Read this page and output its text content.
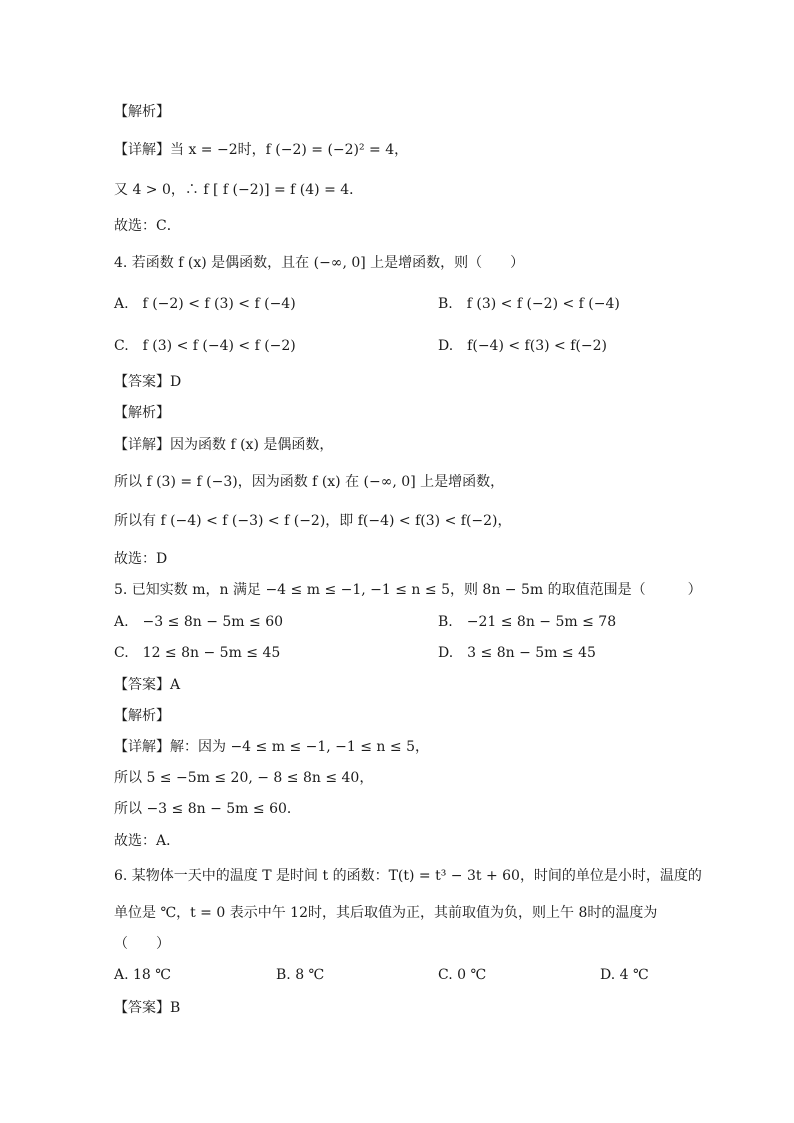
【解析】
【详解】当 x = −2时，f (−2) = (−2)² = 4，
又 4 > 0，∴ f [ f (−2)] = f (4) = 4．
故选：C．
4. 若函数 f (x) 是偶函数，且在 (−∞, 0] 上是增函数，则（　　）
A.　f (−2) < f (3) < f (−4)	B.　f (3) < f (−2) < f (−4)
C.　f (3) < f (−4) < f (−2)	D.　f(−4) < f(3) < f(−2)
【答案】D
【解析】
【详解】因为函数 f (x) 是偶函数，
所以 f (3) = f (−3)，因为函数 f (x) 在 (−∞, 0] 上是增函数，
所以有 f (−4) < f (−3) < f (−2)，即 f(−4) < f(3) < f(−2)，
故选：D
5. 已知实数 m，n 满足 −4 ≤ m ≤ −1, −1 ≤ n ≤ 5，则 8n − 5m 的取值范围是（　　　）
A.　−3 ≤ 8n − 5m ≤ 60	B.　−21 ≤ 8n − 5m ≤ 78
C.　12 ≤ 8n − 5m ≤ 45	D.　3 ≤ 8n − 5m ≤ 45
【答案】A
【解析】
【详解】解：因为 −4 ≤ m ≤ −1, −1 ≤ n ≤ 5，
所以 5 ≤ −5m ≤ 20, − 8 ≤ 8n ≤ 40，
所以 −3 ≤ 8n − 5m ≤ 60．
故选：A．
6. 某物体一天中的温度 T 是时间 t 的函数：T(t) = t³ − 3t + 60，时间的单位是小时，温度的
单位是 ℃，t = 0 表示中午 12时，其后取值为正，其前取值为负，则上午 8时的温度为
（　　）
A. 18 ℃	B. 8 ℃	C. 0 ℃	D. 4 ℃
【答案】B
